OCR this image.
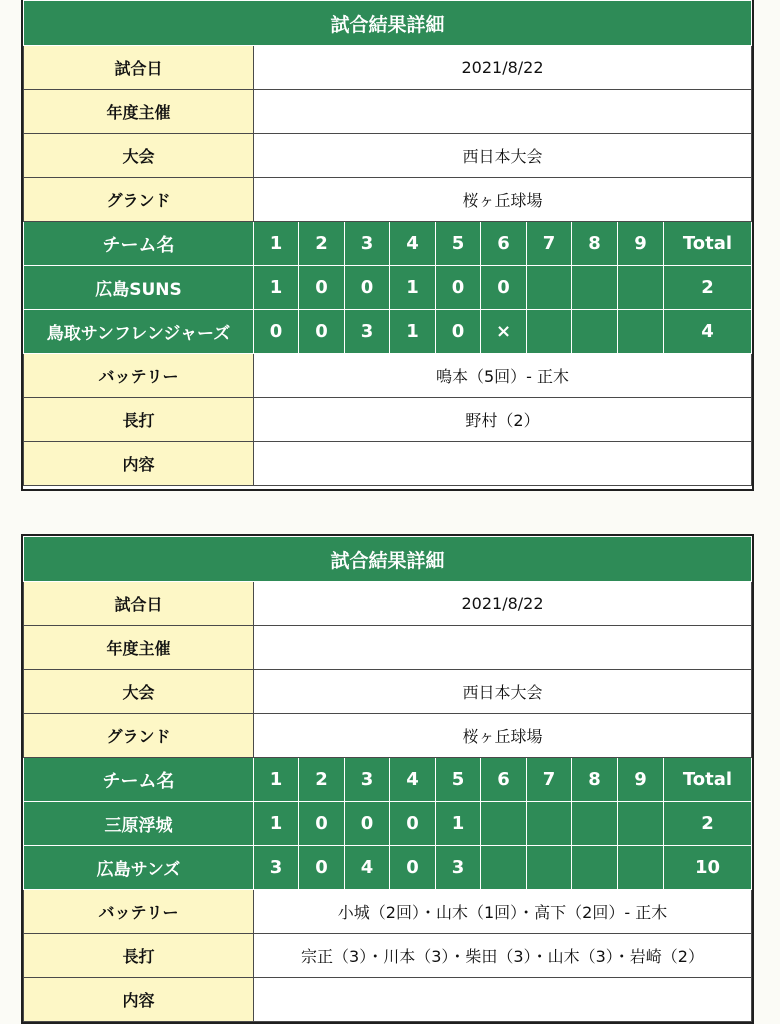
試合結果詳細										
試合日	2021/8/22									
年度主催										
大会	西日本大会									
グランド	桜ヶ丘球場									
チーム名	1	2	3	4	5	6	7	8	9	Total
広島SUNS	1	0	0	1	0	0				2
鳥取サンフレンジャーズ	0	0	3	1	0	×				4
バッテリー	鳴本（5回）- 正木									
長打	野村（2）									
内容										
試合結果詳細										
試合日	2021/8/22									
年度主催										
大会	西日本大会									
グランド	桜ヶ丘球場									
チーム名	1	2	3	4	5	6	7	8	9	Total
三原浮城	1	0	0	0	1					2
広島サンズ	3	0	4	0	3					10
バッテリー	小城（2回）・山木（1回）・高下（2回）- 正木									
長打	宗正（3）・川本（3）・柴田（3）・山木（3）・岩崎（2）									
内容										
